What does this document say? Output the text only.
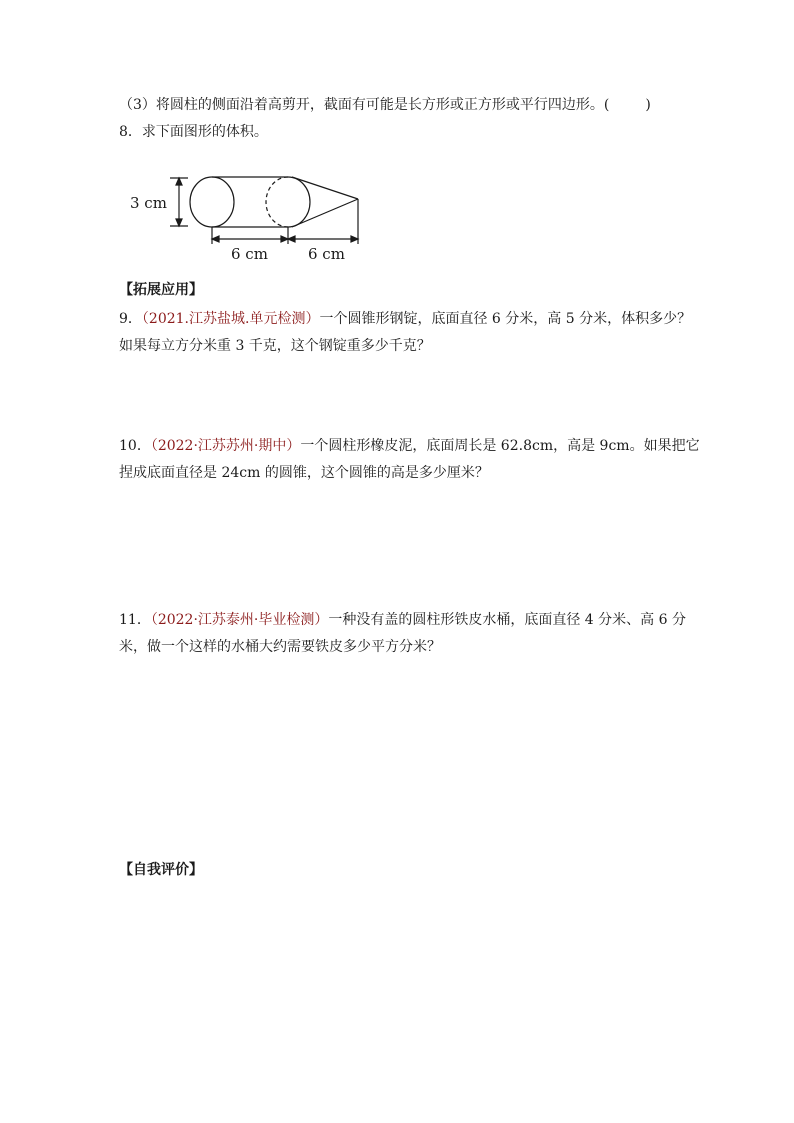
（3）将圆柱的侧面沿着高剪开，截面有可能是长方形或正方形或平行四边形。(	)
8．求下面图形的体积。
3 cm
6 cm	6 cm
【拓展应用】
9．（2021.江苏盐城.单元检测）一个圆锥形钢锭，底面直径 6 分米，高 5 分米，体积多少？
如果每立方分米重 3 千克，这个钢锭重多少千克？
10．（2022·江苏苏州·期中）一个圆柱形橡皮泥，底面周长是 62.8cm，高是 9cm。如果把它
捏成底面直径是 24cm 的圆锥，这个圆锥的高是多少厘米？
11．（2022·江苏泰州·毕业检测）一种没有盖的圆柱形铁皮水桶，底面直径 4 分米、高 6 分
米，做一个这样的水桶大约需要铁皮多少平方分米？
【自我评价】
